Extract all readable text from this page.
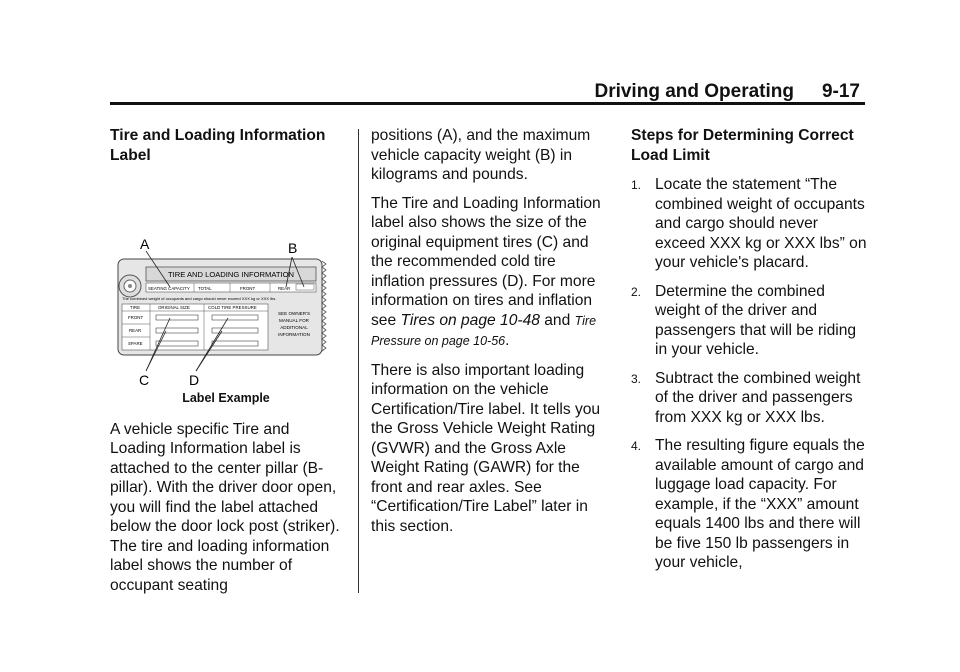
Driving and Operating 9-17
Tire and Loading Information Label
A	B
C	D
TIRE AND LOADING INFORMATION
SEATING CAPACITY TOTAL	FRONT	REAR
The combined weight of occupants and cargo should never exceed XXX kg or XXX lbs.
TIRE	ORIGINAL SIZE	COLD TIRE PRESSURE
FRONT
REAR
SPARE
SEE OWNER'S
MANUAL FOR
ADDITIONAL
INFORMATION
Label Example

A vehicle specific Tire and Loading Information label is attached to the center pillar (B-pillar). With the driver door open, you will find the label attached below the door lock post (striker). The tire and loading information label shows the number of occupant seating

positions (A), and the maximum vehicle capacity weight (B) in kilograms and pounds.

The Tire and Loading Information label also shows the size of the original equipment tires (C) and the recommended cold tire inflation pressures (D). For more information on tires and inflation see Tires on page 10-48 and Tire Pressure on page 10-56.

There is also important loading information on the vehicle Certification/Tire label. It tells you the Gross Vehicle Weight Rating (GVWR) and the Gross Axle Weight Rating (GAWR) for the front and rear axles. See “Certification/Tire Label” later in this section.

Steps for Determining Correct Load Limit
1. Locate the statement “The combined weight of occupants and cargo should never exceed XXX kg or XXX lbs” on your vehicle's placard.
2. Determine the combined weight of the driver and passengers that will be riding in your vehicle.
3. Subtract the combined weight of the driver and passengers from XXX kg or XXX lbs.
4. The resulting figure equals the available amount of cargo and luggage load capacity. For example, if the “XXX” amount equals 1400 lbs and there will be five 150 lb passengers in your vehicle,
